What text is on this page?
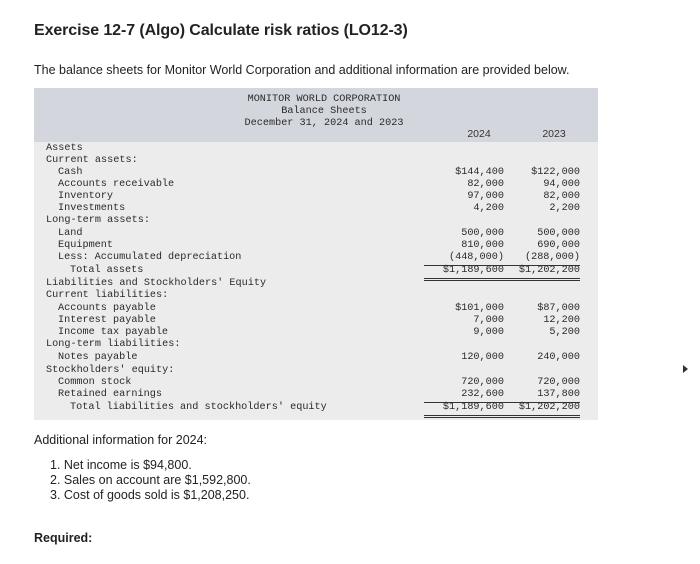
Exercise 12-7 (Algo) Calculate risk ratios (LO12-3)
The balance sheets for Monitor World Corporation and additional information are provided below.
MONITOR WORLD CORPORATION
Balance Sheets
December 31, 2024 and 2023
2024	2023
Assets
Current assets:
Cash	$144,400	$122,000
Accounts receivable	82,000	94,000
Inventory	97,000	82,000
Investments	4,200	2,200
Long-term assets:
Land	500,000	500,000
Equipment	810,000	690,000
Less: Accumulated depreciation	(448,000)	(288,000)
Total assets	$1,189,600	$1,202,200
Liabilities and Stockholders' Equity
Current liabilities:
Accounts payable	$101,000	$87,000
Interest payable	7,000	12,200
Income tax payable	9,000	5,200
Long-term liabilities:
Notes payable	120,000	240,000
Stockholders' equity:
Common stock	720,000	720,000
Retained earnings	232,600	137,800
Total liabilities and stockholders' equity	$1,189,600	$1,202,200
Additional information for 2024:
1. Net income is $94,800.
2. Sales on account are $1,592,800.
3. Cost of goods sold is $1,208,250.
Required:
